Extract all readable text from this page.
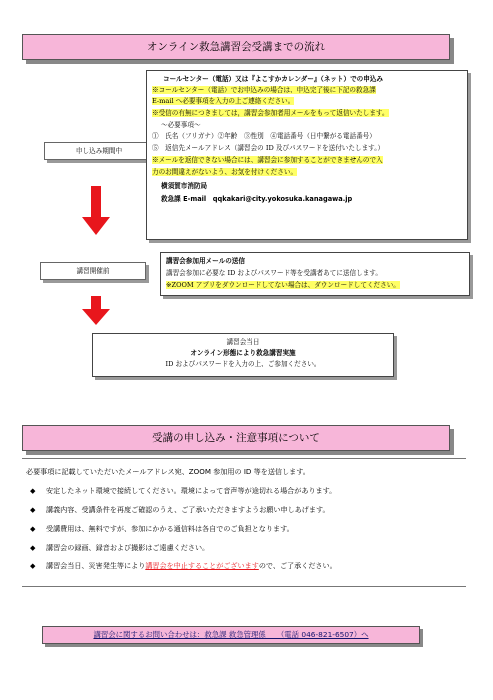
オンライン救急講習会受講までの流れ
申し込み期間中
コールセンター（電話）又は『よこすかカレンダー』（ネット）での申込み
※コールセンター（電話）でお申込みの場合は、申込完了後に下記の救急課
E-mail へ必要事項を入力の上ご連絡ください。
※受信の有無につきましては，講習会参加者用メールをもって返信いたします。
〜必要事項〜
①　氏名（フリガナ）②年齢　③性別　④電話番号（日中繋がる電話番号）
⑤　返信先メールアドレス（講習会の ID 及びパスワードを送付いたします。）
※メールを返信できない場合には、講習会に参加することができませんので入
力のお間違えがないよう、お気を付けください。
横須賀市消防局
救急課 E-mail　qqkakari@city.yokosuka.kanagawa.jp
講習開催前
講習会参加用メールの送信
講習会参加に必要な ID およびパスワード等を受講者あてに送信します。
※ZOOM アプリをダウンロードしてない場合は、ダウンロードしてください。
講習会当日
オンライン形態により救急講習実施
ID およびパスワードを入力の上、ご参加ください。
受講の申し込み・注意事項について
必要事項に記載していただいたメールアドレス宛、ZOOM 参加用の ID 等を送信します。
◆ 安定したネット環境で接続してください。環境によって音声等が途切れる場合があります。
◆ 講義内容、受講条件を再度ご確認のうえ、ご了承いただきますようお願い申しあげます。
◆ 受講費用は、無料ですが、参加にかかる通信料は各自でのご負担となります。
◆ 講習会の録画、録音および撮影はご遠慮ください。
◆ 講習会当日、災害発生等により講習会を中止することがございますので、ご了承ください。
講習会に関するお問い合わせは：救急課 救急管理係　　（電話 046-821-6507）へ
